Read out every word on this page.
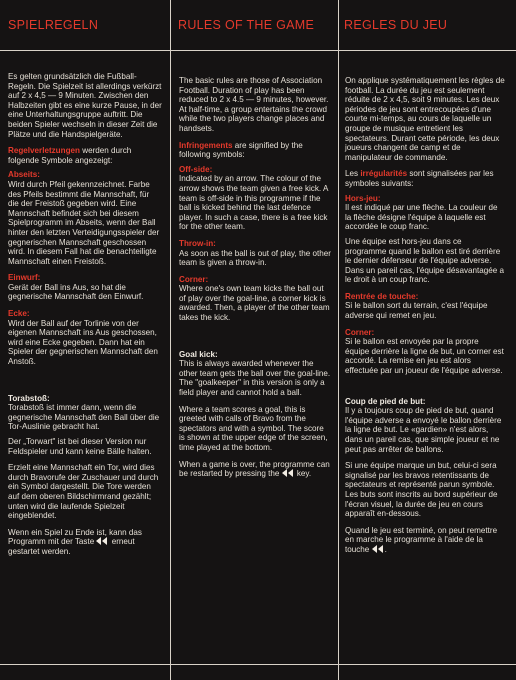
SPIELREGELN	RULES OF THE GAME REGLES DU JEU

Es gelten grundsätzlich die Fußball-Regeln. Die Spielzeit ist allerdings verkürzt auf 2 x 4,5 — 9 Minuten. Zwischen den Halbzeiten gibt es eine kurze Pause, in der eine Unterhaltungsgruppe auftritt. Die beiden Spieler wechseln in dieser Zeit die Plätze und die Handspielgeräte.

Regelverletzungen werden durch folgende Symbole angezeigt:

Abseits:

Wird durch Pfeil gekennzeichnet. Farbe des Pfeils bestimmt die Mannschaft, für die der Freistoß gegeben wird. Eine Mannschaft befindet sich bei diesem Spielprogramm im Abseits, wenn der Ball hinter den letzten Verteidigungsspieler der gegnerischen Mannschaft geschossen wird. In diesem Fall hat die benachteiligte Mannschaft einen Freistoß.

Einwurf:

Gerät der Ball ins Aus, so hat die gegnerische Mannschaft den Einwurf.

Ecke:

Wird der Ball auf der Torlinie von der eigenen Mannschaft ins Aus geschossen, wird eine Ecke gegeben. Dann hat ein Spieler der gegnerischen Mannschaft den Anstoß.

Torabstoß:

Torabstoß ist immer dann, wenn die gegnerische Mannschaft den Ball über die Tor-Auslinie gebracht hat.

Der „Torwart" ist bei dieser Version nur Feldspieler und kann keine Bälle halten.

Erzielt eine Mannschaft ein Tor, wird dies durch Bravorufe der Zuschauer und durch ein Symbol dargestellt. Die Tore werden auf dem oberen Bildschirmrand gezählt; unten wird die laufende Spielzeit eingeblendet.

Wenn ein Spiel zu Ende ist, kann das Programm mit der Taste
erneut gestartet werden.

The basic rules are those of Association Football. Duration of play has been reduced to 2 x 4.5 — 9 minutes, however. At half-time, a group entertains the crowd while the two players change places and handsets.

Infringements are signified by the following symbols:

Off-side:

Indicated by an arrow. The colour of the arrow shows the team given a free kick. A team is off-side in this programme if the ball is kicked behind the last defence player. In such a case, there is a free kick for the other team.

Throw-in:

As soon as the ball is out of play, the other team is given a throw-in.

Corner:

Where one's own team kicks the ball out of play over the goal-line, a corner kick is awarded. Then, a player of the other team takes the kick.

Goal kick:

This is always awarded whenever the other team gets the ball over the goal-line. The "goalkeeper" in this version is only a field player and cannot hold a ball.

Where a team scores a goal, this is greeted with calls of Bravo from the spectators and with a symbol. The score is shown at the upper edge of the screen, time played at the bottom.

When a game is over, the programme can be restarted by pressing the
key.

On applique systématiquement les règles de football. La durée du jeu est seulement réduite de 2 x 4,5, soit 9 minutes. Les deux périodes de jeu sont entrecoupées d'une courte mi-temps, au cours de laquelle un groupe de musique entretient les spectateurs. Durant cette période, les deux joueurs changent de camp et de manipulateur de commande.

Les irrégularités sont signalisées par les symboles suivants:

Hors-jeu:

Il est indiqué par une flèche. La couleur de la flèche désigne l'équipe à laquelle est accordée le coup franc.

Une équipe est hors-jeu dans ce programme quand le ballon est tiré derrière le dernier défenseur de l'équipe adverse. Dans un pareil cas, l'équipe désavantagée a le droit à un coup franc.

Rentrée de touche:

Si le ballon sort du terrain, c'est l'équipe adverse qui remet en jeu.

Corner:

Si le ballon est envoyée par la propre équipe derrière la ligne de but, un corner est accordé. La remise en jeu est alors effectuée par un joueur de l'équipe adverse.

Coup de pied de but:

Il y a toujours coup de pied de but, quand l'équipe adverse a envoyé le ballon derrière la ligne de but. Le «gardien» n'est alors, dans un pareil cas, que simple joueur et ne peut pas arrêter de ballons.

Si une équipe marque un but, celui-ci sera signalisé par les bravos retentissants de spectateurs et représenté parun symbole. Les buts sont inscrits au bord supérieur de l'écran visuel, la durée de jeu en cours apparaît en-dessous.

Quand le jeu est terminé, on peut remettre en marche le programme à l'aide de la touche
.
